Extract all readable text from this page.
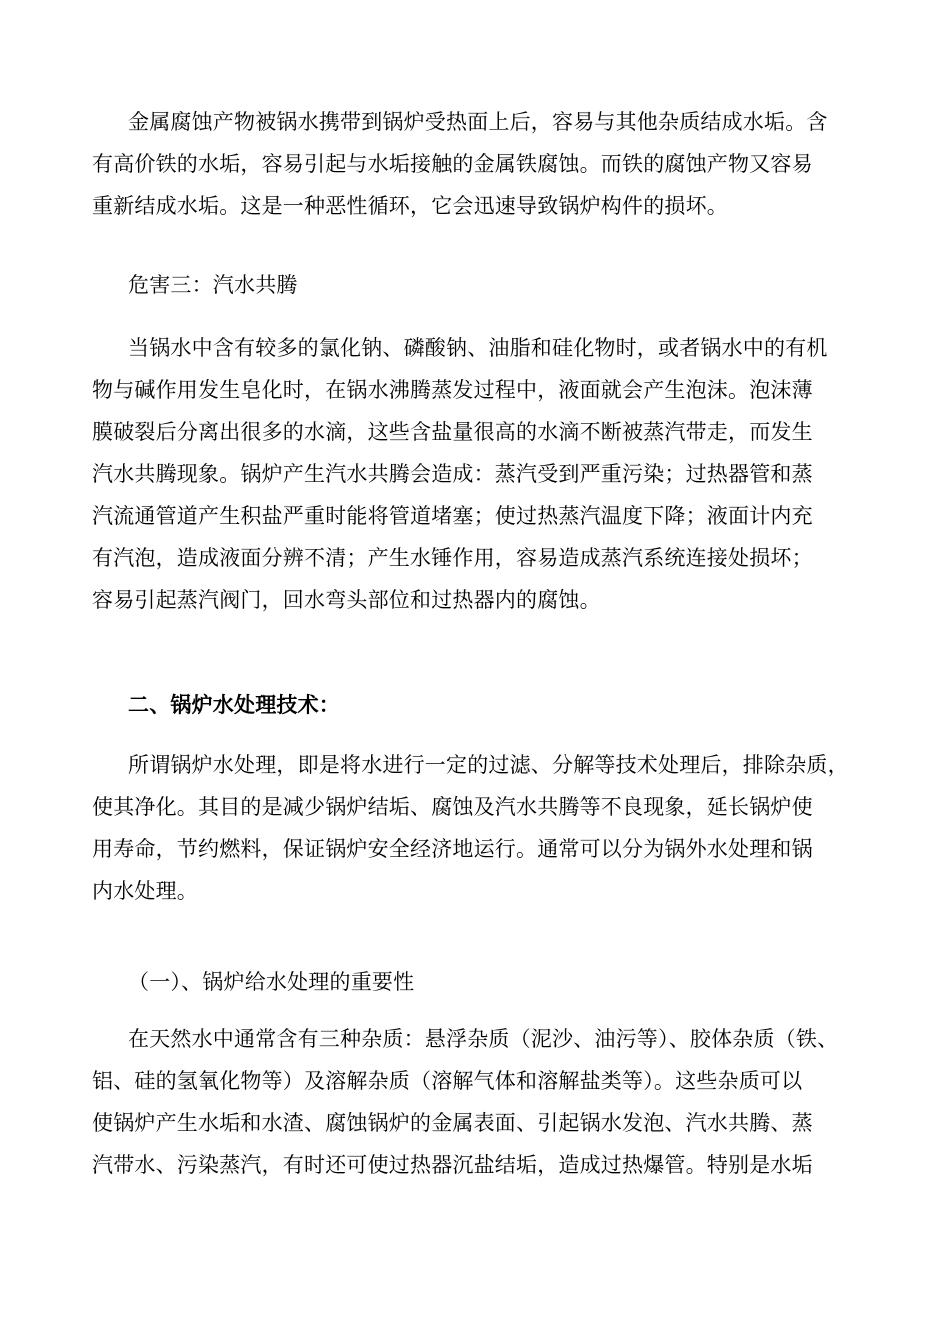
金属腐蚀产物被锅水携带到锅炉受热面上后，容易与其他杂质结成水垢。含
有高价铁的水垢，容易引起与水垢接触的金属铁腐蚀。而铁的腐蚀产物又容易
重新结成水垢。这是一种恶性循环，它会迅速导致锅炉构件的损坏。
危害三：汽水共腾
当锅水中含有较多的氯化钠、磷酸钠、油脂和硅化物时，或者锅水中的有机
物与碱作用发生皂化时，在锅水沸腾蒸发过程中，液面就会产生泡沫。泡沫薄
膜破裂后分离出很多的水滴，这些含盐量很高的水滴不断被蒸汽带走，而发生
汽水共腾现象。锅炉产生汽水共腾会造成：蒸汽受到严重污染；过热器管和蒸
汽流通管道产生积盐严重时能将管道堵塞；使过热蒸汽温度下降；液面计内充
有汽泡，造成液面分辨不清；产生水锤作用，容易造成蒸汽系统连接处损坏；
容易引起蒸汽阀门，回水弯头部位和过热器内的腐蚀。
二、锅炉水处理技术：
所谓锅炉水处理，即是将水进行一定的过滤、分解等技术处理后，排除杂质，
使其净化。其目的是减少锅炉结垢、腐蚀及汽水共腾等不良现象，延长锅炉使
用寿命，节约燃料，保证锅炉安全经济地运行。通常可以分为锅外水处理和锅
内水处理。
（一）、锅炉给水处理的重要性
在天然水中通常含有三种杂质：悬浮杂质（泥沙、油污等）、胶体杂质（铁、
铝、硅的氢氧化物等）及溶解杂质（溶解气体和溶解盐类等）。这些杂质可以
使锅炉产生水垢和水渣、腐蚀锅炉的金属表面、引起锅水发泡、汽水共腾、蒸
汽带水、污染蒸汽，有时还可使过热器沉盐结垢，造成过热爆管。特别是水垢
